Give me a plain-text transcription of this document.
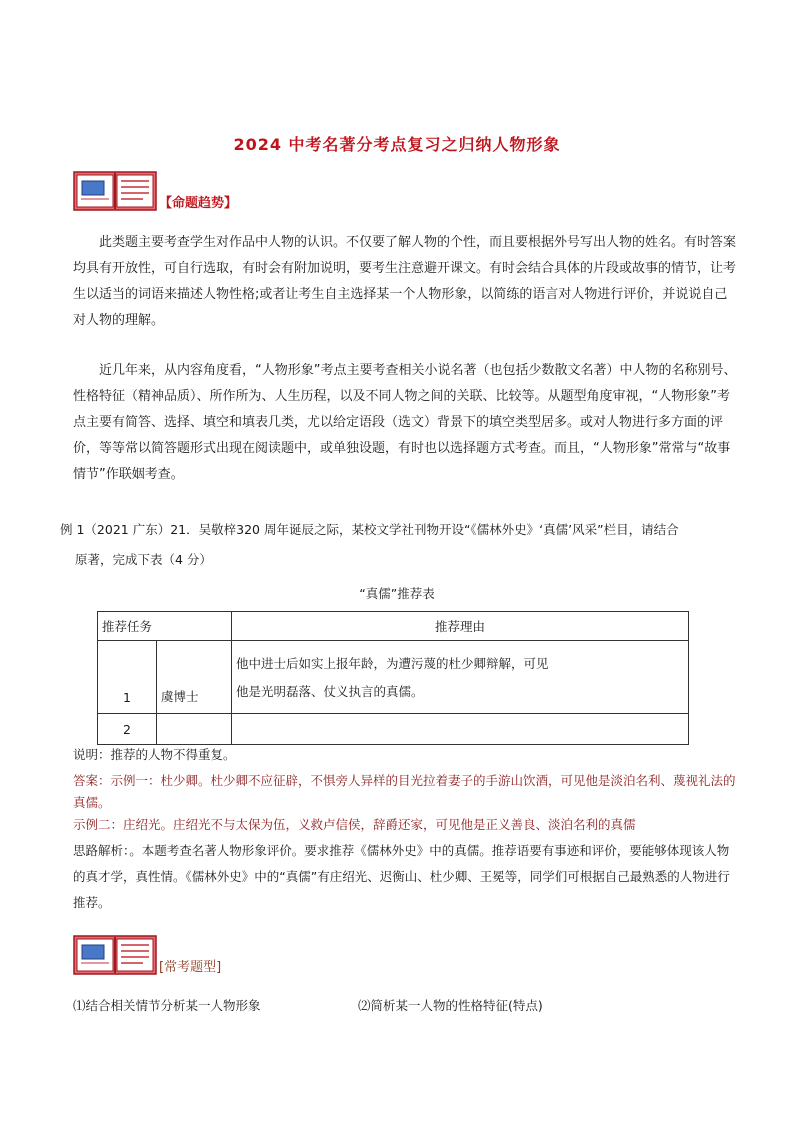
2024 中考名著分考点复习之归纳人物形象
【命题趋势】

此类题主要考查学生对作品中人物的认识。不仅要了解人物的个性，而且要根据外号写出人物的姓名。有时答案均具有开放性，可自行选取，有时会有附加说明，要考生注意避开课文。有时会结合具体的片段或故事的情节，让考生以适当的词语来描述人物性格;或者让考生自主选择某一个人物形象，以简练的语言对人物进行评价，并说说自己对人物的理解。

近几年来，从内容角度看，“人物形象”考点主要考查相关小说名著（也包括少数散文名著）中人物的名称别号、性格特征（精神品质）、所作所为、人生历程，以及不同人物之间的关联、比较等。从题型角度审视，“人物形象”考点主要有简答、选择、填空和填表几类，尤以给定语段（选文）背景下的填空类型居多。或对人物进行多方面的评价，等等常以简答题形式出现在阅读题中，或单独设题，有时也以选择题方式考查。而且，“人物形象”常常与“故事情节”作联姻考查。

例 1（2021 广东）21．吴敬梓320 周年诞辰之际，某校文学社刊物开设“《儒林外史》‘真儒’风采”栏目，请结合

原著，完成下表（4 分）

“真儒”推荐表
推荐任务		推荐理由
1	虞博士	他中进士后如实上报年龄，为遭污蔑的杜少卿辩解，可见
他是光明磊落、仗义执言的真儒。

2		

说明：推荐的人物不得重复。

答案：示例一：杜少卿。杜少卿不应征辟，不惧旁人异样的目光拉着妻子的手游山饮酒，可见他是淡泊名利、蔑视礼法的真儒。

示例二：庄绍光。庄绍光不与太保为伍，义救卢信侯，辞爵还家，可见他是正义善良、淡泊名利的真儒

思路解析：。本题考查名著人物形象评价。要求推荐《儒林外史》中的真儒。推荐语要有事迹和评价，要能够体现该人物的真才学，真性情。《儒林外史》中的“真儒”有庄绍光、迟衡山、杜少卿、王冕等，同学们可根据自己最熟悉的人物进行推荐。

[常考题型]
⑴结合相关情节分析某一人物形象	⑵简析某一人物的性格特征(特点)
